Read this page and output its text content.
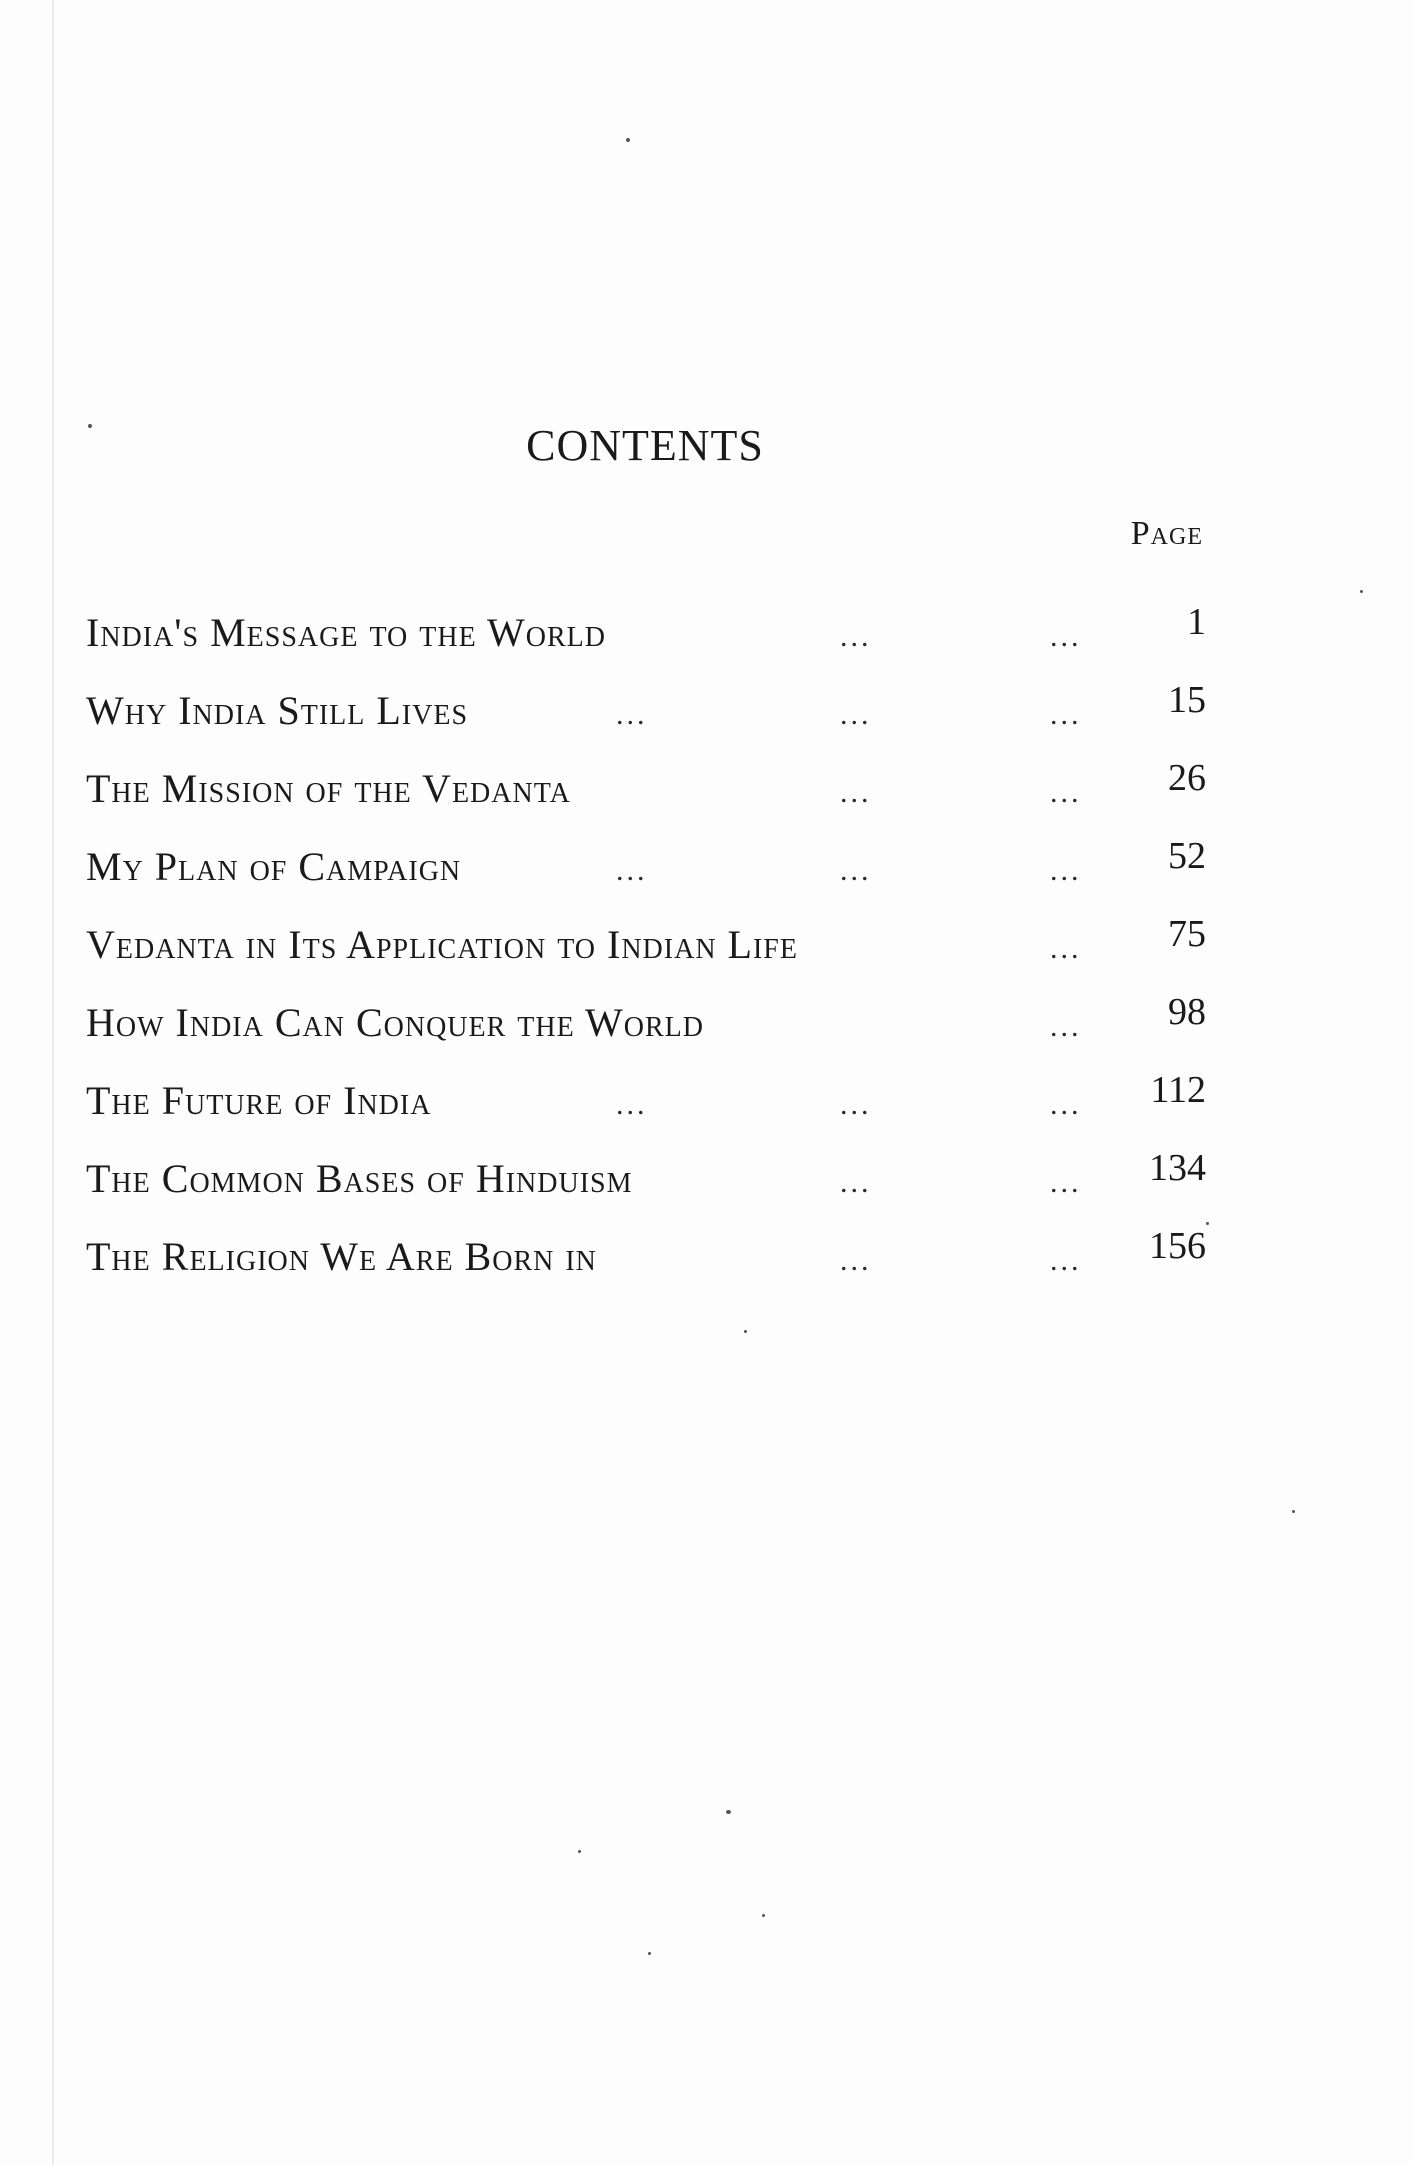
CONTENTS
Page
India's Message to the World	...	...	1
Why India Still Lives	...	...	... 15
The Mission of the Vedanta	...	... 26
My Plan of Campaign	...	...	... 52
Vedanta in Its Application to Indian Life	... 75
How India Can Conquer the World	... 98
The Future of India	...	...	... 112
The Common Bases of Hinduism	...	... 134
The Religion We Are Born in	...	... 156
